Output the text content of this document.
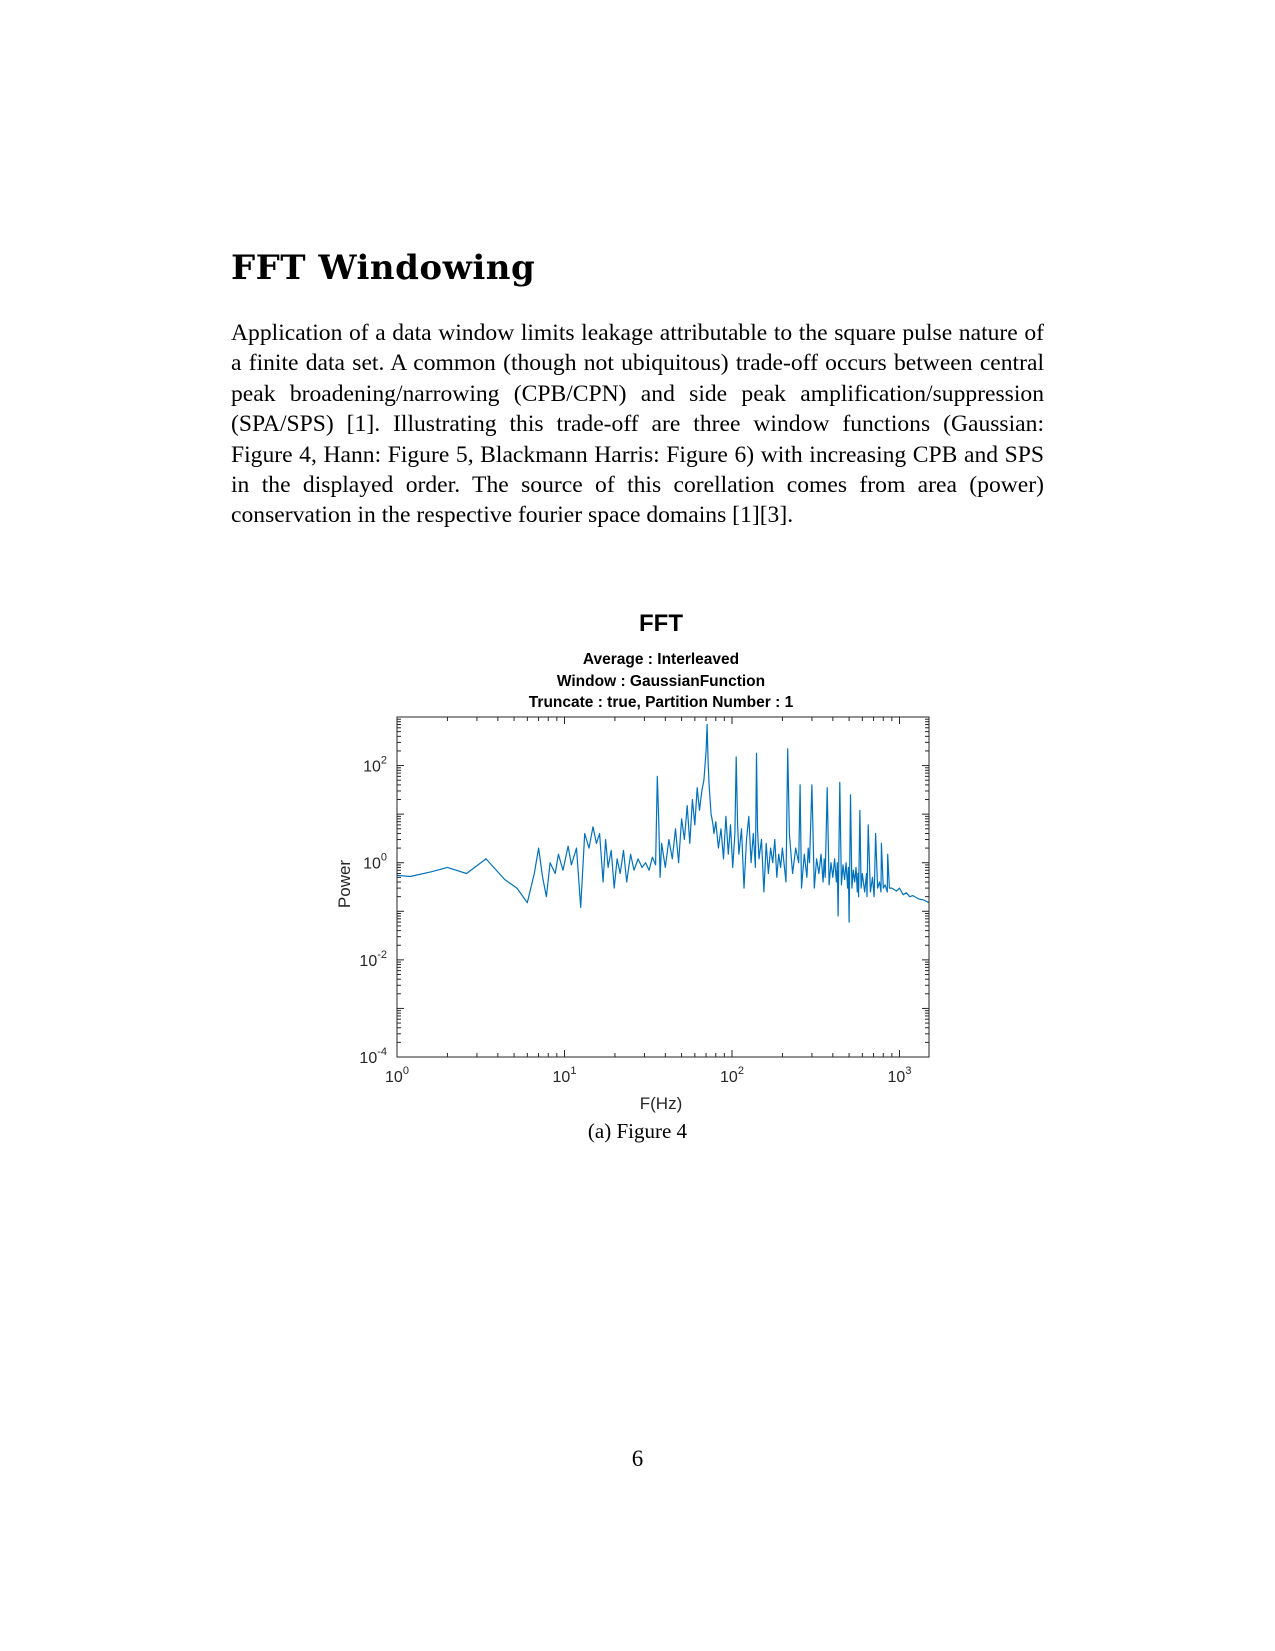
FFT Windowing

Application of a data window limits leakage attributable to the square pulse nature of a finite data set. A common (though not ubiquitous) trade-off occurs between central peak broadening/narrowing (CPB/CPN) and side peak amplification/suppression (SPA/SPS) [1]. Illustrating this trade-off are three window functions (Gaussian: Figure 4, Hann: Figure 5, Blackmann Harris: Figure 6) with increasing CPB and SPS in the displayed order. The source of this corellation comes from area (power) conservation in the respective fourier space domains [1][3].

FFT
Average : Interleaved
Window : GaussianFunction
Truncate : true, Partition Number : 1
$10^0$	$10^1$	$10^2$	$10^3$
$10^{-4}$
$10^{-2}$
$10^0$
$10^2$
F(Hz)
Power
(a) Figure 4
6
